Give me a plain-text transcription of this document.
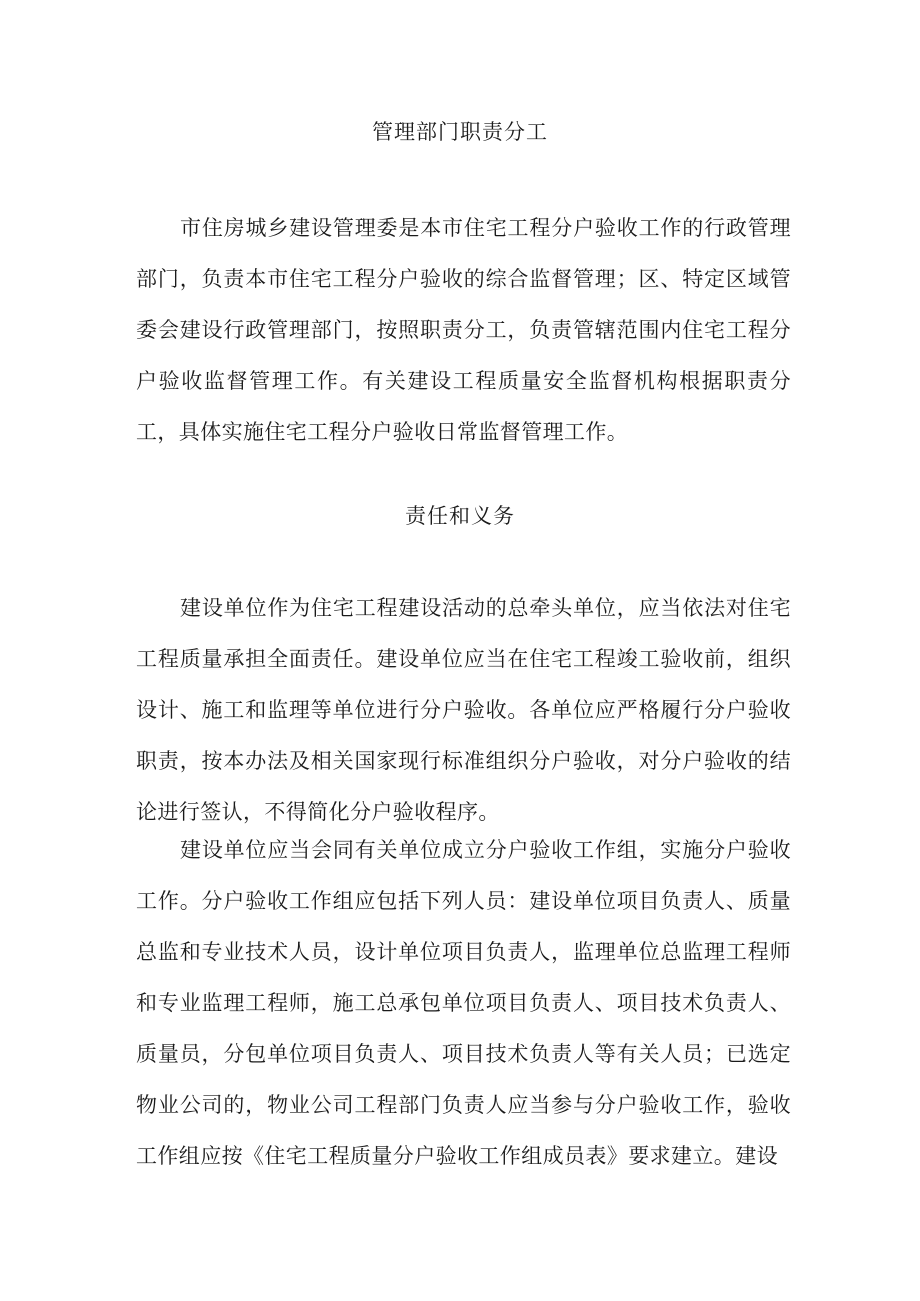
管理部门职责分工

市住房城乡建设管理委是本市住宅工程分户验收工作的行政管理部门，负责本市住宅工程分户验收的综合监督管理；区、特定区域管委会建设行政管理部门，按照职责分工，负责管辖范围内住宅工程分户验收监督管理工作。有关建设工程质量安全监督机构根据职责分工，具体实施住宅工程分户验收日常监督管理工作。

责任和义务

建设单位作为住宅工程建设活动的总牵头单位，应当依法对住宅工程质量承担全面责任。建设单位应当在住宅工程竣工验收前，组织设计、施工和监理等单位进行分户验收。各单位应严格履行分户验收职责，按本办法及相关国家现行标准组织分户验收，对分户验收的结论进行签认，不得简化分户验收程序。

建设单位应当会同有关单位成立分户验收工作组，实施分户验收工作。分户验收工作组应包括下列人员：建设单位项目负责人、质量总监和专业技术人员，设计单位项目负责人，监理单位总监理工程师和专业监理工程师，施工总承包单位项目负责人、项目技术负责人、质量员，分包单位项目负责人、项目技术负责人等有关人员；已选定物业公司的，物业公司工程部门负责人应当参与分户验收工作，验收工作组应按《住宅工程质量分户验收工作组成员表》要求建立。建设
